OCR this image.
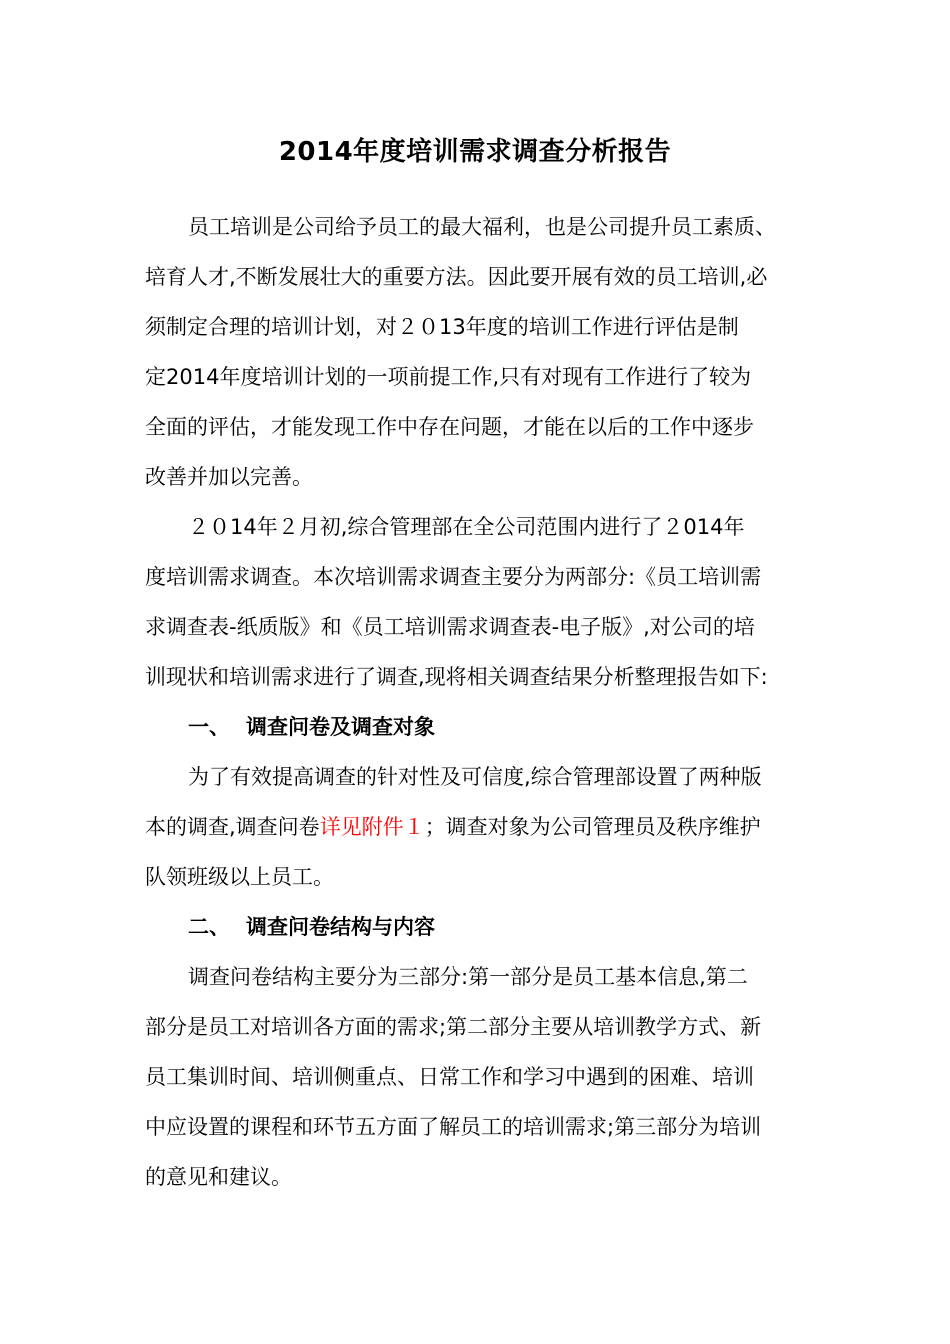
2014年度培训需求调查分析报告
员工培训是公司给予员工的最大福利，也是公司提升员工素质、
培育人才,不断发展壮大的重要方法。因此要开展有效的员工培训,必
须制定合理的培训计划，对２０13年度的培训工作进行评估是制
定2014年度培训计划的一项前提工作,只有对现有工作进行了较为
全面的评估，才能发现工作中存在问题，才能在以后的工作中逐步
改善并加以完善。
２０14年２月初,综合管理部在全公司范围内进行了２014年
度培训需求调查。本次培训需求调查主要分为两部分:《员工培训需
求调查表-纸质版》和《员工培训需求调查表-电子版》,对公司的培
训现状和培训需求进行了调查,现将相关调查结果分析整理报告如下:
一、 调查问卷及调查对象
为了有效提高调查的针对性及可信度,综合管理部设置了两种版
本的调查,调查问卷详见附件１；调查对象为公司管理员及秩序维护
队领班级以上员工。
二、 调查问卷结构与内容
调查问卷结构主要分为三部分:第一部分是员工基本信息,第二
部分是员工对培训各方面的需求;第二部分主要从培训教学方式、新
员工集训时间、培训侧重点、日常工作和学习中遇到的困难、培训
中应设置的课程和环节五方面了解员工的培训需求;第三部分为培训
的意见和建议。
